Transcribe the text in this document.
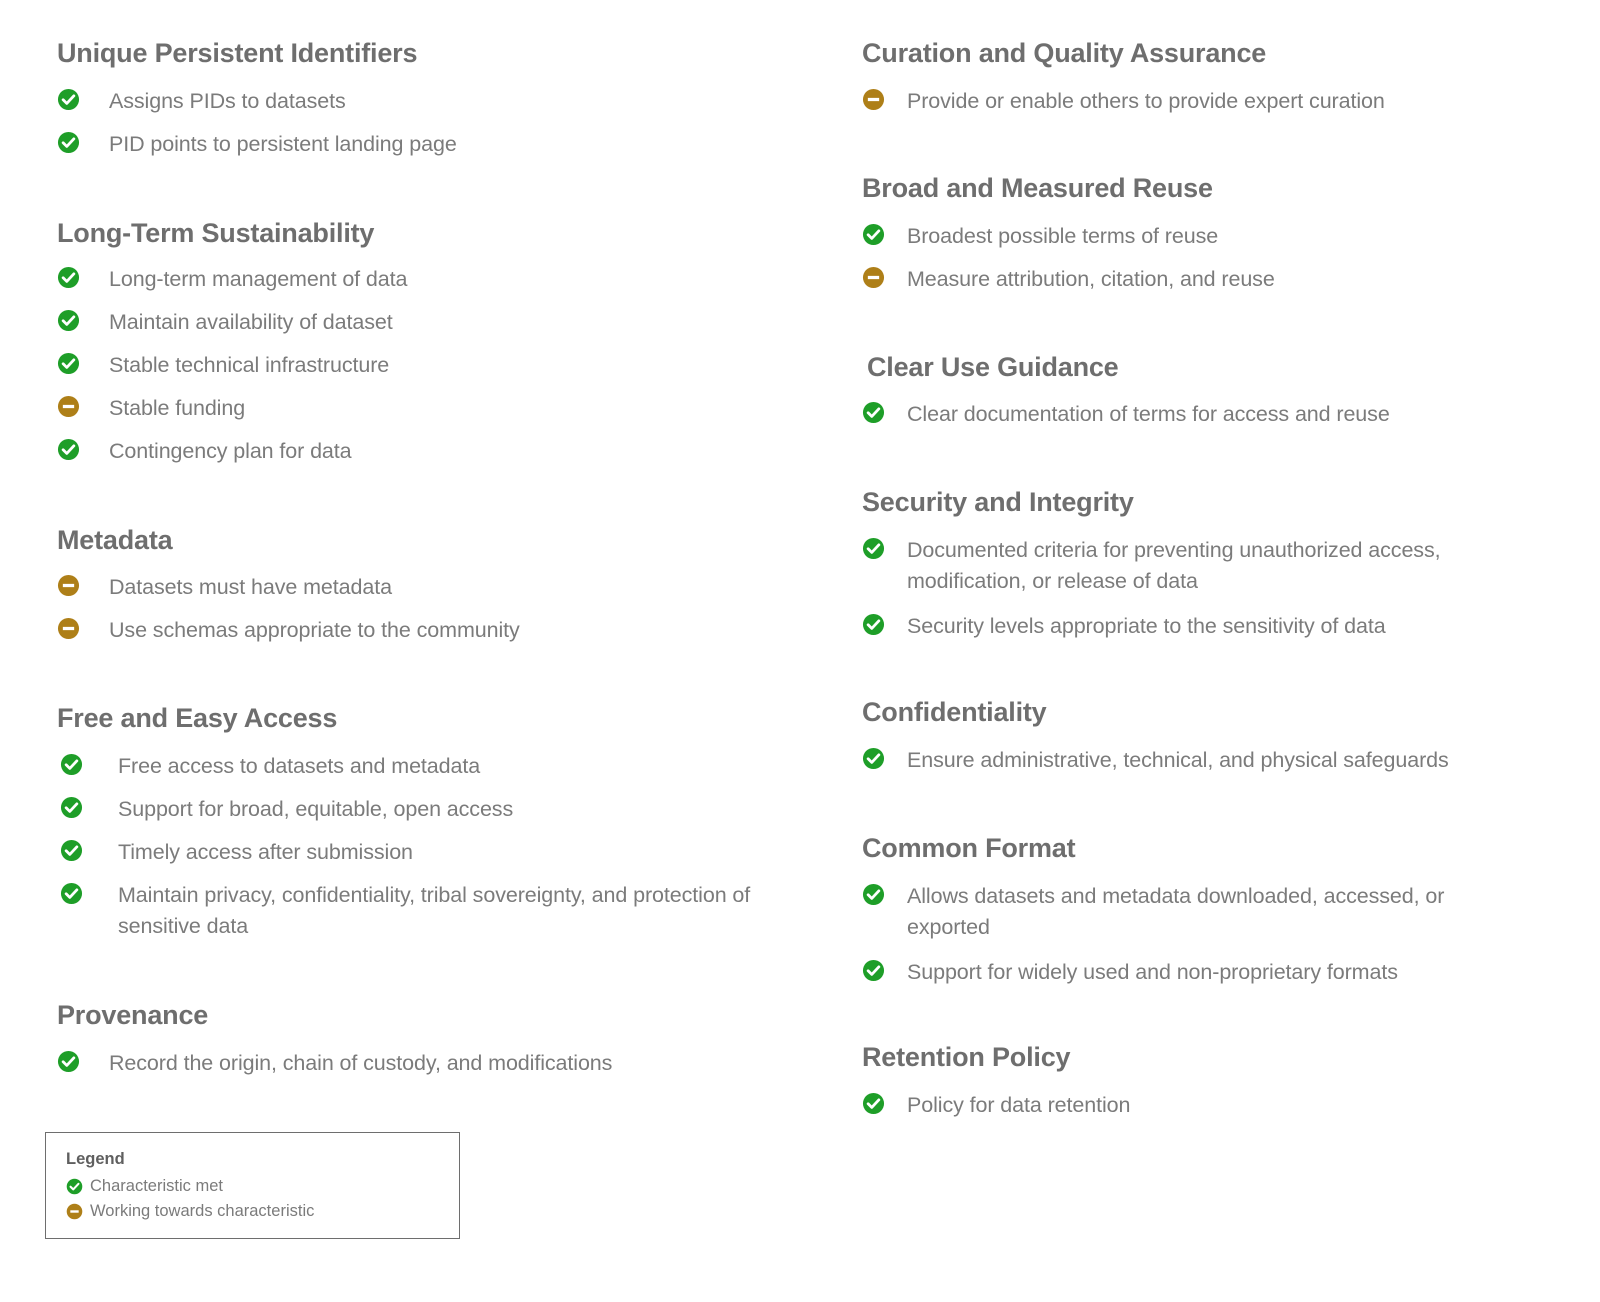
Unique Persistent Identifiers
Assigns PIDs to datasets
PID points to persistent landing page
Long-Term Sustainability
Long-term management of data
Maintain availability of dataset
Stable technical infrastructure
Stable funding
Contingency plan for data
Metadata
Datasets must have metadata
Use schemas appropriate to the community
Free and Easy Access
Free access to datasets and metadata
Support for broad, equitable, open access
Timely access after submission
Maintain privacy, confidentiality, tribal sovereignty, and protection of sensitive data
Provenance
Record the origin, chain of custody, and modifications
Curation and Quality Assurance
Provide or enable others to provide expert curation
Broad and Measured Reuse
Broadest possible terms of reuse
Measure attribution, citation, and reuse
Clear Use Guidance
Clear documentation of terms for access and reuse
Security and Integrity
Documented criteria for preventing unauthorized access, modification, or release of data
Security levels appropriate to the sensitivity of data
Confidentiality
Ensure administrative, technical, and physical safeguards
Common Format
Allows datasets and metadata downloaded, accessed, or exported
Support for widely used and non-proprietary formats
Retention Policy
Policy for data retention
Legend
Characteristic met
Working towards characteristic
